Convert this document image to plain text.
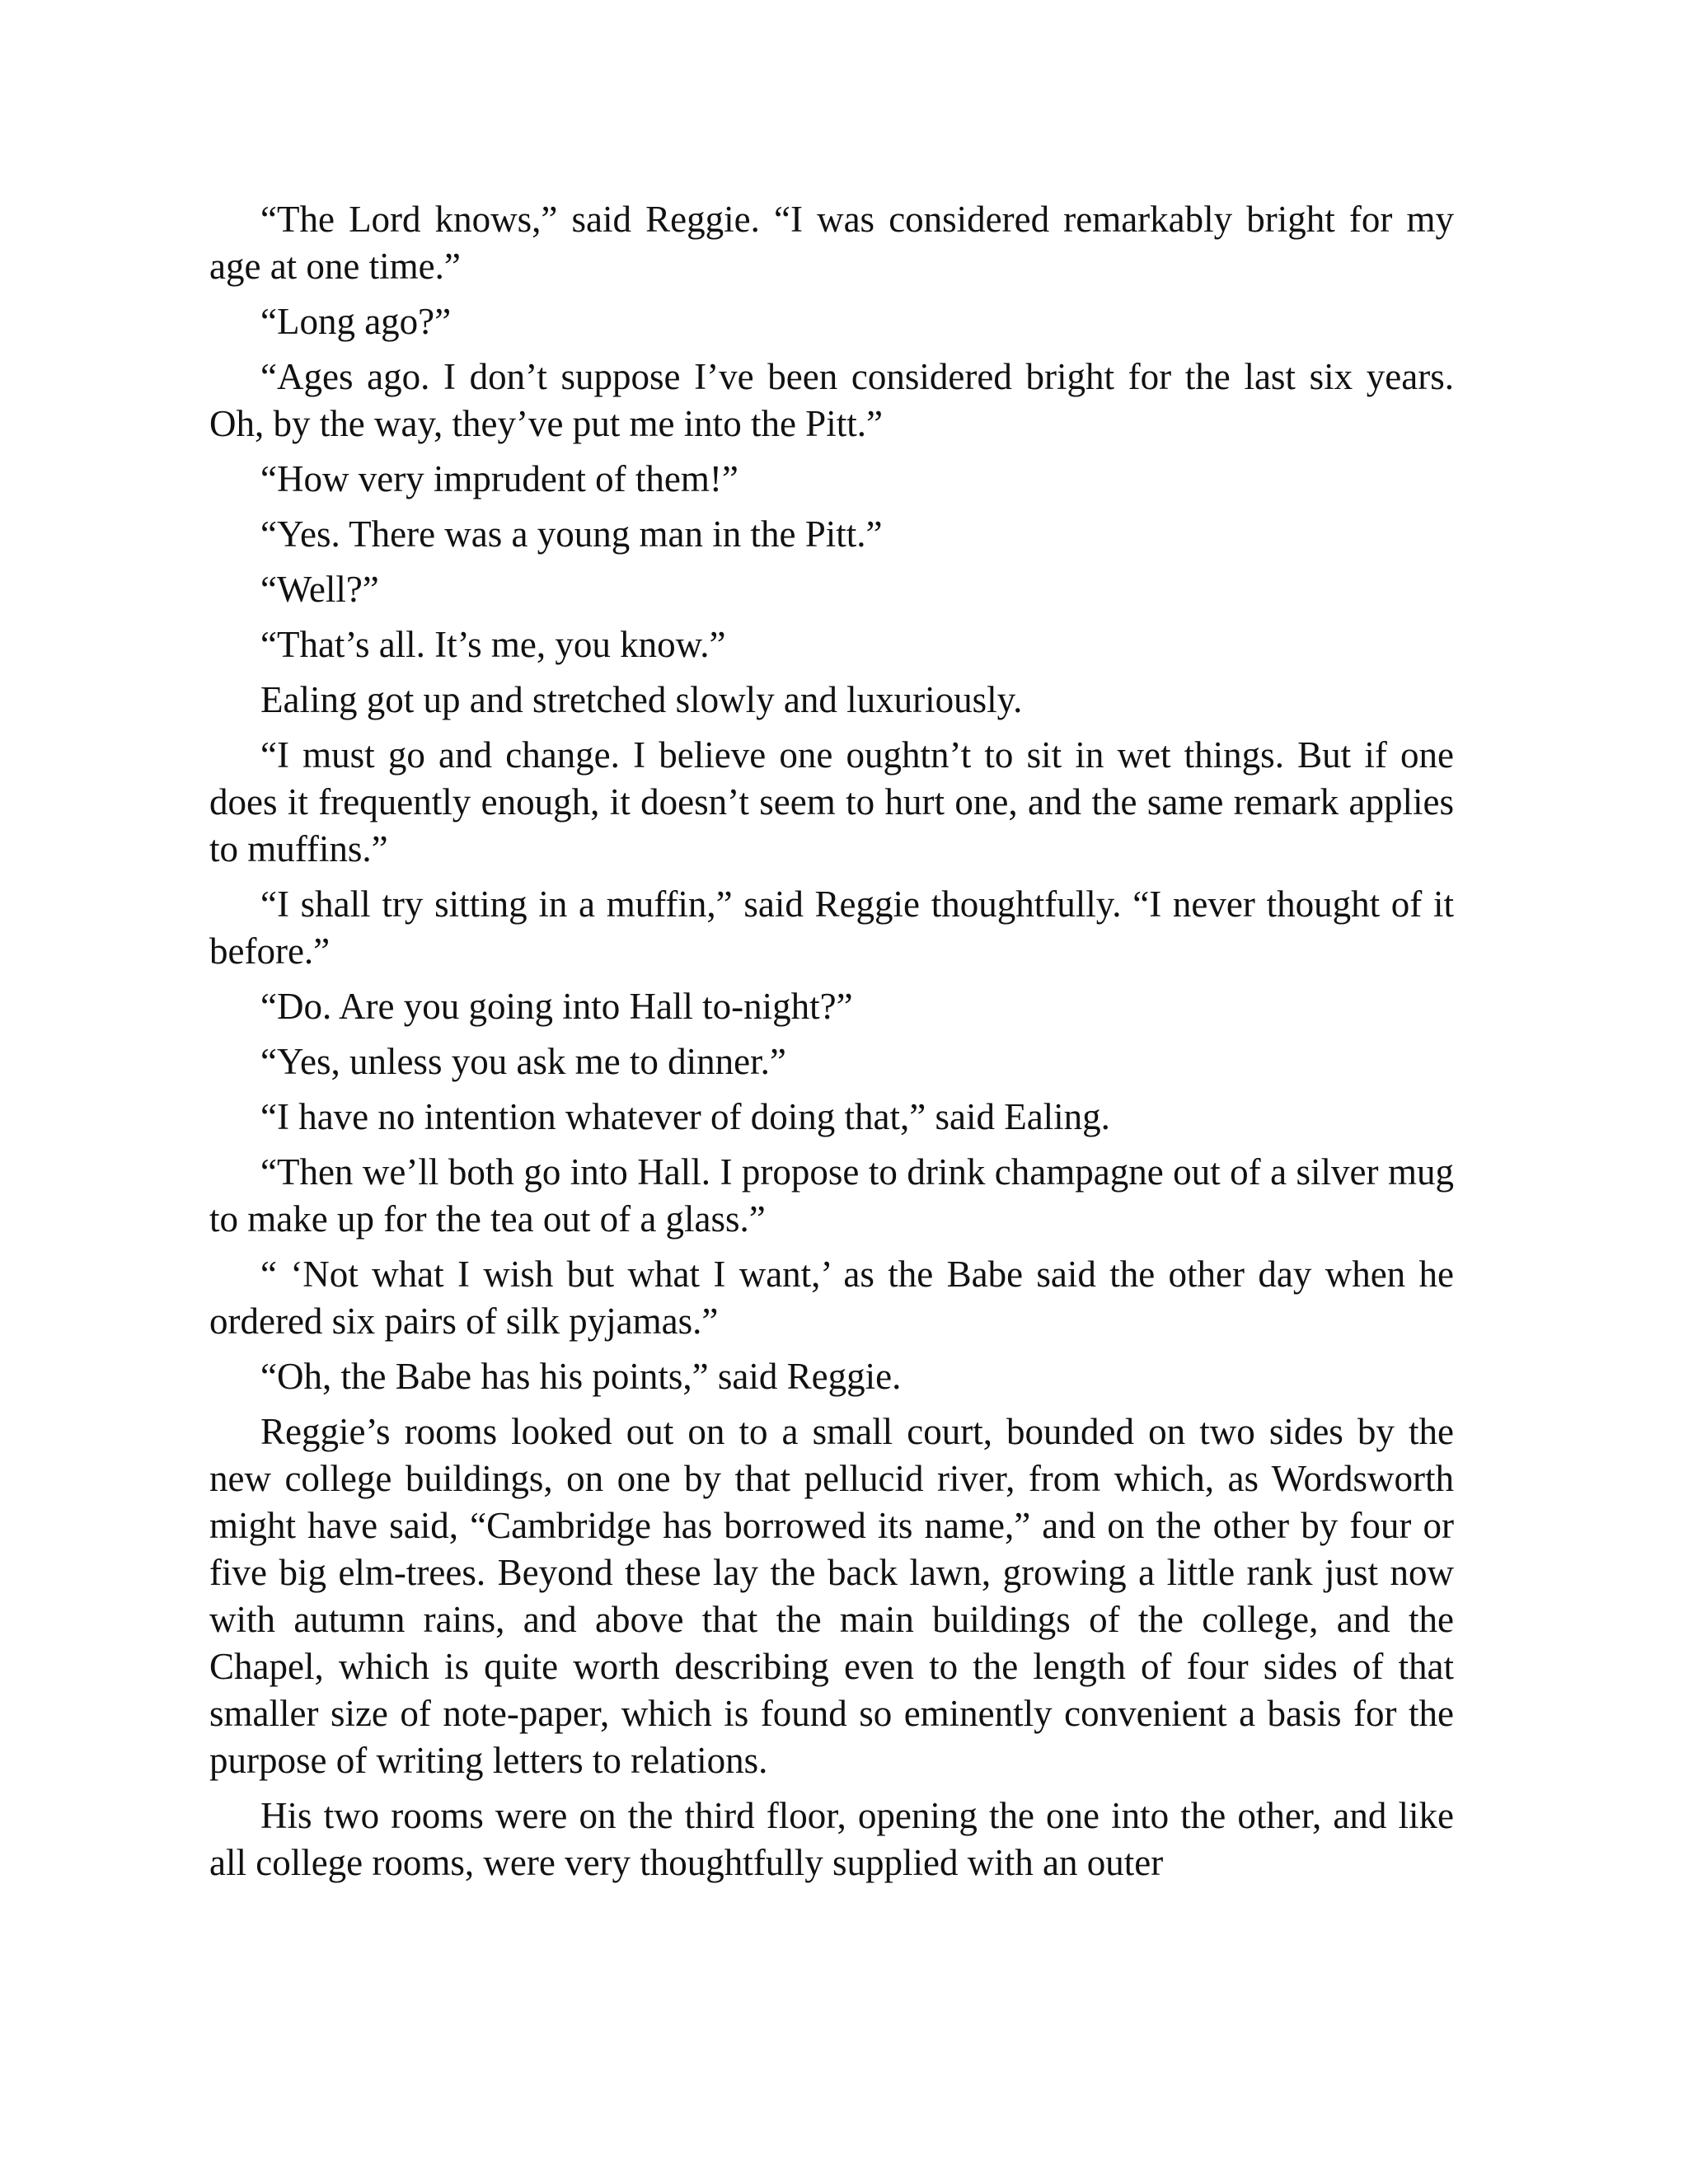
“The Lord knows,” said Reggie. “I was considered remarkably bright for my age at one time.”

“Long ago?”

“Ages ago. I don’t suppose I’ve been considered bright for the last six years. Oh, by the way, they’ve put me into the Pitt.”

“How very imprudent of them!”

“Yes. There was a young man in the Pitt.”

“Well?”

“That’s all. It’s me, you know.”

Ealing got up and stretched slowly and luxuriously.

“I must go and change. I believe one oughtn’t to sit in wet things. But if one does it frequently enough, it doesn’t seem to hurt one, and the same remark applies to muffins.”

“I shall try sitting in a muffin,” said Reggie thoughtfully. “I never thought of it before.”

“Do. Are you going into Hall to-night?”

“Yes, unless you ask me to dinner.”

“I have no intention whatever of doing that,” said Ealing.

“Then we’ll both go into Hall. I propose to drink champagne out of a silver mug to make up for the tea out of a glass.”

“ ‘Not what I wish but what I want,’ as the Babe said the other day when he ordered six pairs of silk pyjamas.”

“Oh, the Babe has his points,” said Reggie.

Reggie’s rooms looked out on to a small court, bounded on two sides by the new college buildings, on one by that pellucid river, from which, as Wordsworth might have said, “Cambridge has borrowed its name,” and on the other by four or five big elm-trees. Beyond these lay the back lawn, growing a little rank just now with autumn rains, and above that the main buildings of the college, and the Chapel, which is quite worth describing even to the length of four sides of that smaller size of note-paper, which is found so eminently convenient a basis for the purpose of writing letters to relations.

His two rooms were on the third floor, opening the one into the other, and like all college rooms, were very thoughtfully supplied with an outer
